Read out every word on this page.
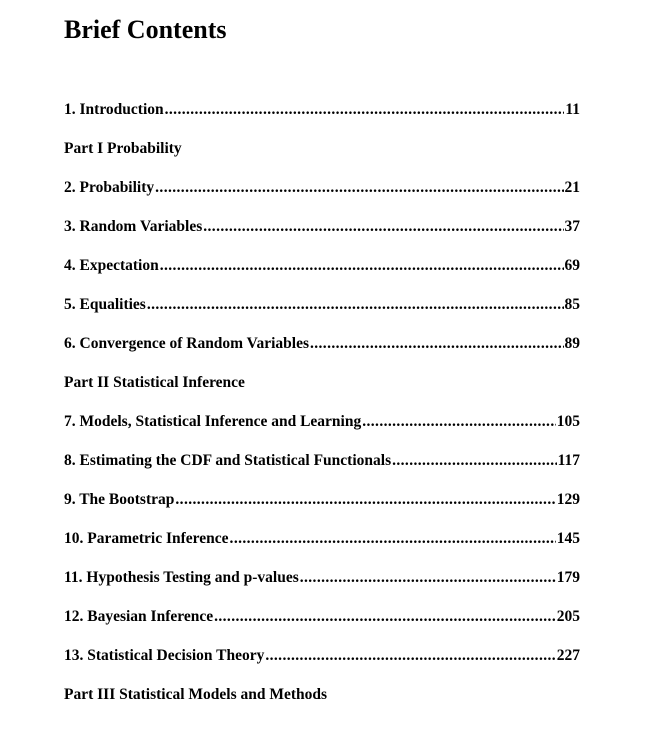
Brief Contents
1. Introduction .....	11
Part I Probability
2. Probability .....	21
3. Random Variables .....	37
4. Expectation .....	69
5. Equalities .....	85
6. Convergence of Random Variables .....	89
Part II Statistical Inference
7. Models, Statistical Inference and Learning .....	105
8. Estimating the CDF and Statistical Functionals .....	117
9. The Bootstrap .....	129
10. Parametric Inference .....	145
11. Hypothesis Testing and p-values .....	179
12. Bayesian Inference .....	205
13. Statistical Decision Theory .....	227
Part III Statistical Models and Methods
